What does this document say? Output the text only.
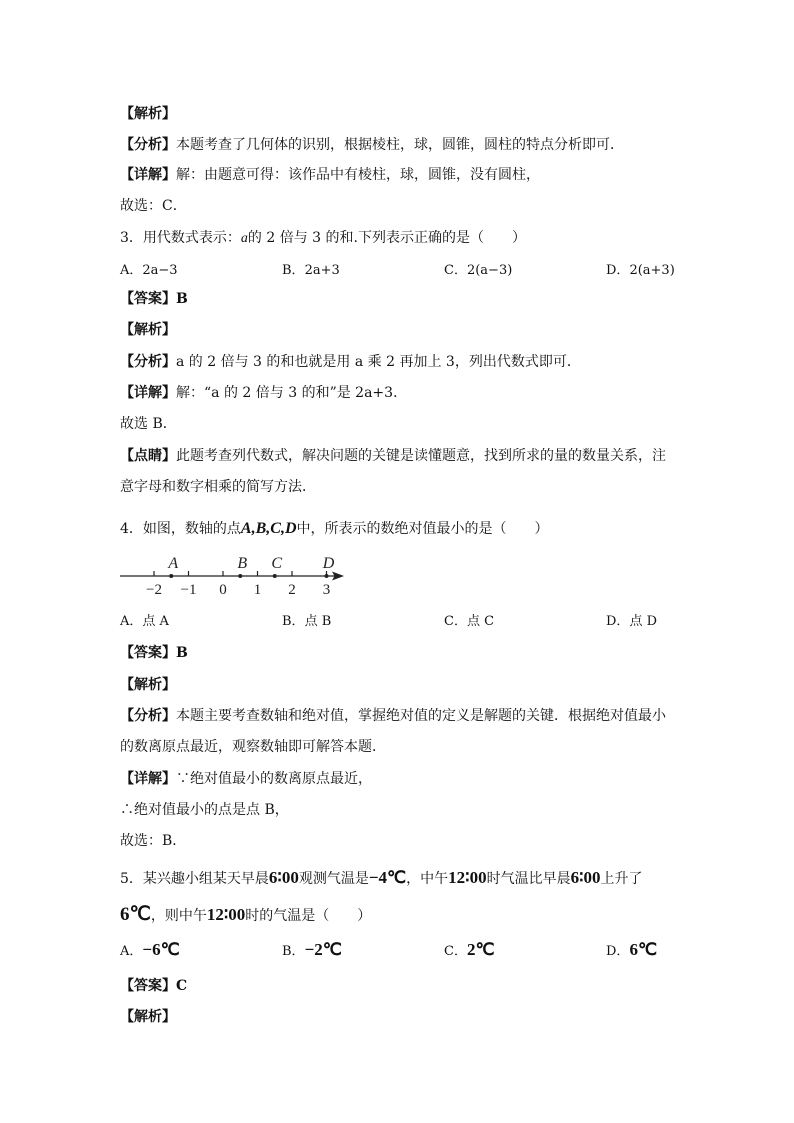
【解析】
【分析】本题考查了几何体的识别，根据棱柱，球，圆锥，圆柱的特点分析即可．
【详解】解：由题意可得：该作品中有棱柱，球，圆锥，没有圆柱，
故选：C．
3．用代数式表示：a的 2 倍与 3 的和.下列表示正确的是（　　）
A．2a−3	B．2a+3	C．2(a−3)	D．2(a+3)
【答案】B
【解析】
【分析】a 的 2 倍与 3 的和也就是用 a 乘 2 再加上 3，列出代数式即可．
【详解】解：“a 的 2 倍与 3 的和”是 2a+3．
故选 B．
【点睛】此题考查列代数式，解决问题的关键是读懂题意，找到所求的量的数量关系，注
意字母和数字相乘的简写方法．
4．如图，数轴的点A,B,C,D中，所表示的数绝对值最小的是（　　）
−2 −1 0 1 2 3
A	B C	D
A．点 A	B．点 B	C．点 C	D．点 D
【答案】B
【解析】
【分析】本题主要考查数轴和绝对值，掌握绝对值的定义是解题的关键．根据绝对值最小
的数离原点最近，观察数轴即可解答本题．
【详解】∵绝对值最小的数离原点最近，
∴绝对值最小的点是点 B，
故选：B．
5．某兴趣小组某天早晨6∶00观测气温是−4℃，中午12∶00时气温比早晨6∶00上升了
6℃，则中午12∶00时的气温是（　　）
A．−6℃	B．−2℃	C．2℃	D．6℃
【答案】C
【解析】
